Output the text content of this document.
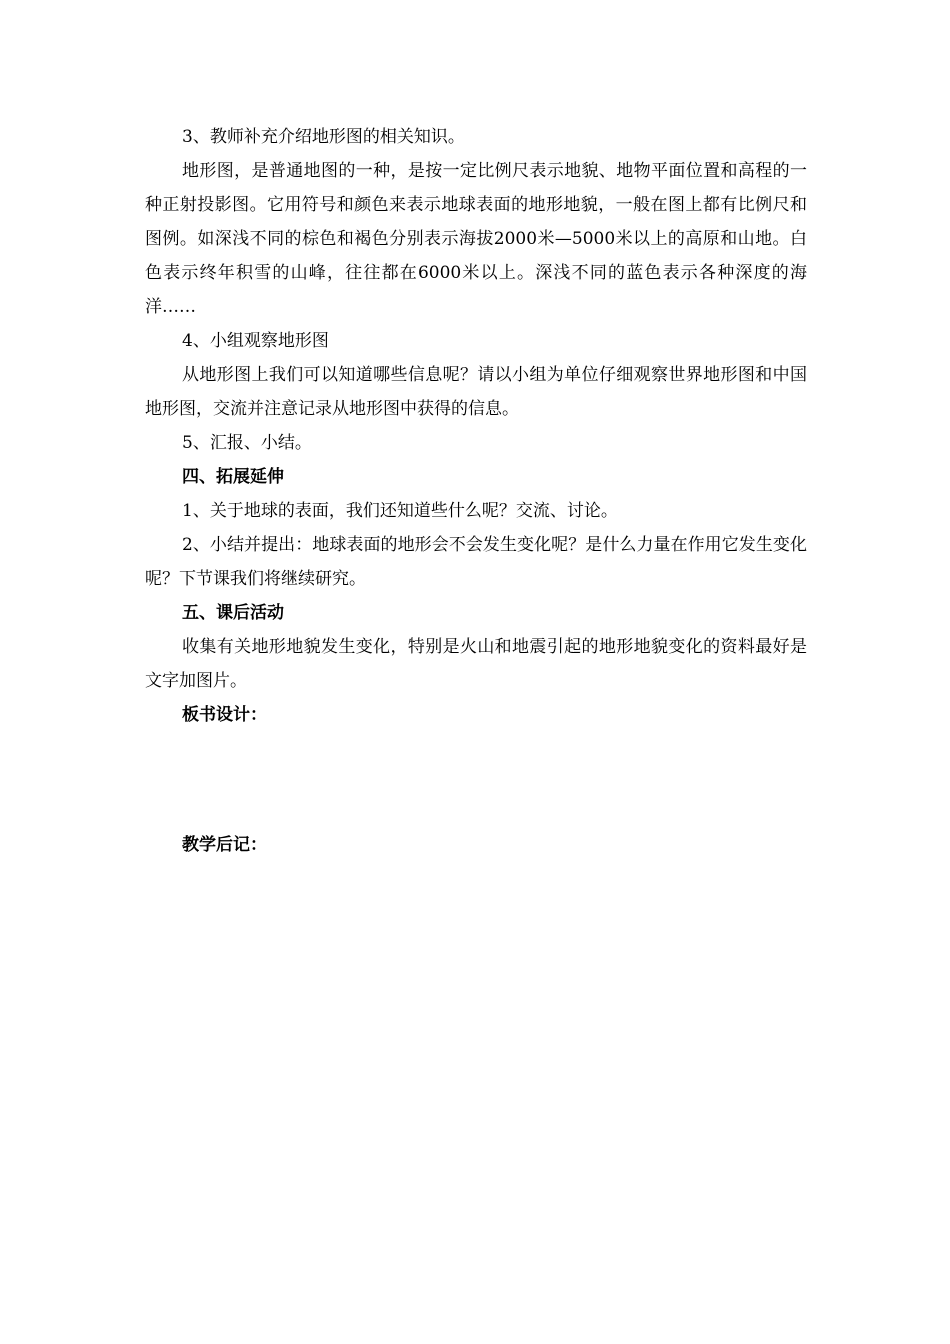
3、教师补充介绍地形图的相关知识。

地形图，是普通地图的一种，是按一定比例尺表示地貌、地物平面位置和高程的一种正射投影图。它用符号和颜色来表示地球表面的地形地貌，一般在图上都有比例尺和图例。如深浅不同的棕色和褐色分别表示海拔2000米—5000米以上的高原和山地。白色表示终年积雪的山峰，往往都在6000米以上。深浅不同的蓝色表示各种深度的海洋……

4、小组观察地形图

从地形图上我们可以知道哪些信息呢？请以小组为单位仔细观察世界地形图和中国地形图，交流并注意记录从地形图中获得的信息。

5、汇报、小结。

四、拓展延伸

1、关于地球的表面，我们还知道些什么呢？交流、讨论。

2、小结并提出：地球表面的地形会不会发生变化呢？是什么力量在作用它发生变化呢？下节课我们将继续研究。

五、课后活动

收集有关地形地貌发生变化，特别是火山和地震引起的地形地貌变化的资料最好是文字加图片。

板书设计：

教学后记：
